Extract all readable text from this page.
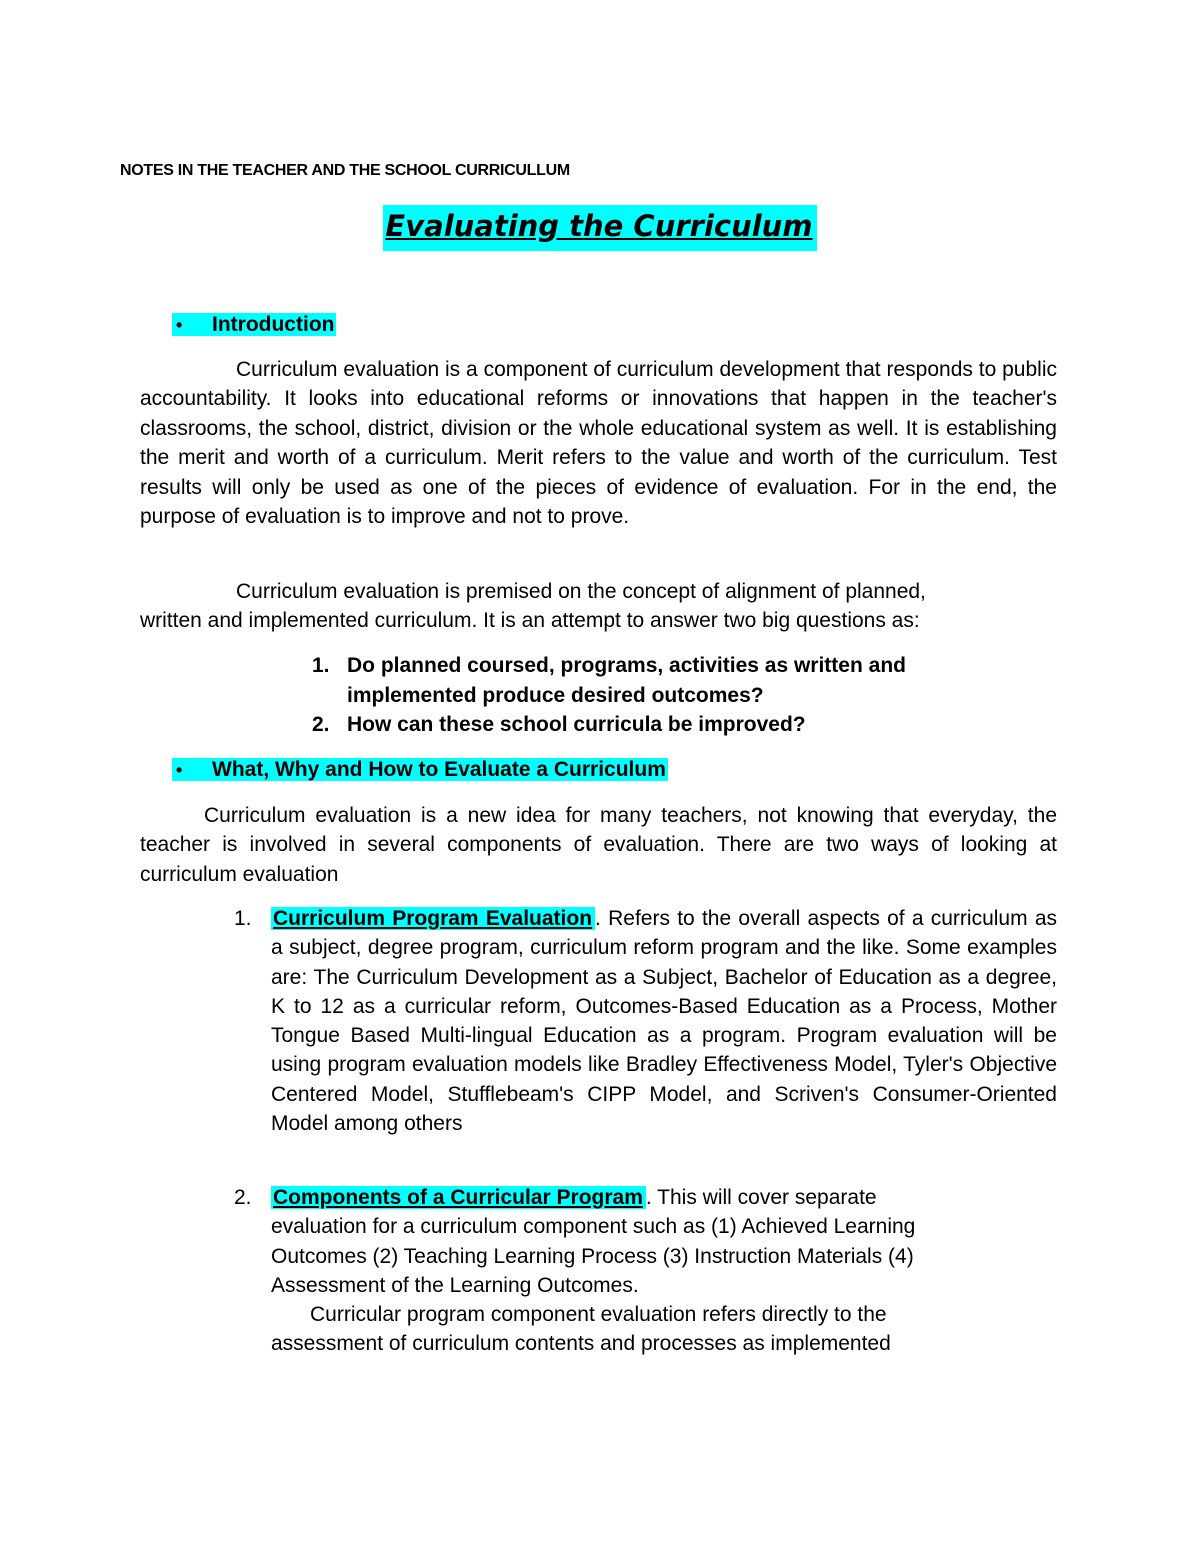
NOTES IN THE TEACHER AND THE SCHOOL CURRICULLUM
Evaluating the Curriculum
• Introduction

Curriculum evaluation is a component of curriculum development that responds to public accountability. It looks into educational reforms or innovations that happen in the teacher's classrooms, the school, district, division or the whole educational system as well. It is establishing the merit and worth of a curriculum. Merit refers to the value and worth of the curriculum. Test results will only be used as one of the pieces of evidence of evaluation. For in the end, the purpose of evaluation is to improve and not to prove.

Curriculum evaluation is premised on the concept of alignment of planned,
written and implemented curriculum. It is an attempt to answer two big questions as:
1. Do planned coursed, programs, activities as written and implemented produce desired outcomes?
2. How can these school curricula be improved?
• What, Why and How to Evaluate a Curriculum

Curriculum evaluation is a new idea for many teachers, not knowing that everyday, the teacher is involved in several components of evaluation. There are two ways of looking at curriculum evaluation

1. Curriculum Program Evaluation . Refers to the overall aspects of a curriculum as a subject, degree program, curriculum reform program and the like. Some examples are: The Curriculum Development as a Subject, Bachelor of Education as a degree, K to 12 as a curricular reform, Outcomes-Based Education as a Process, Mother Tongue Based Multi-lingual Education as a program. Program evaluation will be using program evaluation models like Bradley Effectiveness Model, Tyler's Objective Centered Model, Stufflebeam's CIPP Model, and Scriven's Consumer-Oriented Model among others
2. Components of a Curricular Program . This will cover separate evaluation for a curriculum component such as (1) Achieved Learning Outcomes (2) Teaching Learning Process (3) Instruction Materials (4) Assessment of the Learning Outcomes.
Curricular program component evaluation refers directly to the assessment of curriculum contents and processes as implemented
